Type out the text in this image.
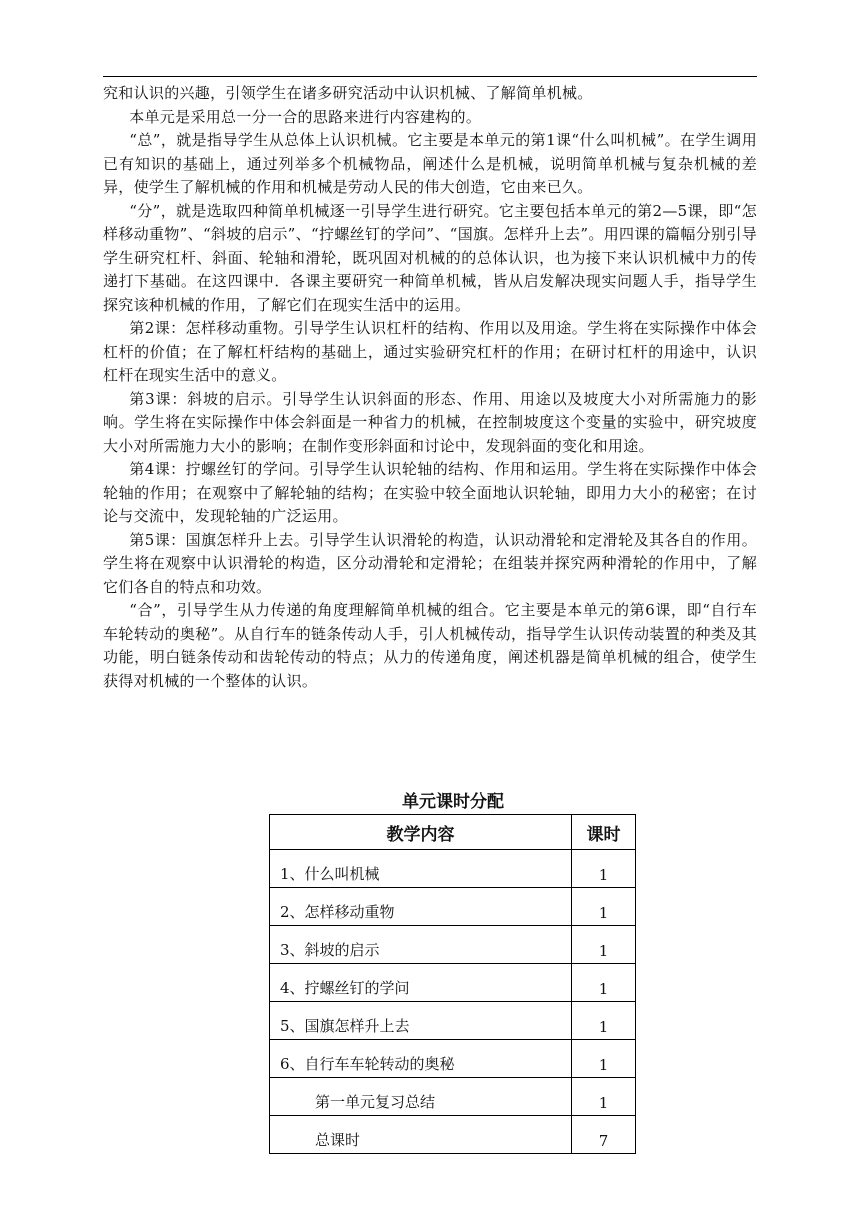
究和认识的兴趣，引领学生在诸多研究活动中认识机械、了解简单机械。

本单元是采用总一分一合的思路来进行内容建构的。

“总”，就是指导学生从总体上认识机械。它主要是本单元的第1课“什么叫机械”。在学生调用已有知识的基础上，通过列举多个机械物品，阐述什么是机械，说明简单机械与复杂机械的差异，使学生了解机械的作用和机械是劳动人民的伟大创造，它由来已久。

“分”，就是选取四种简单机械逐一引导学生进行研究。它主要包括本单元的第2—5课，即“怎样移动重物”、“斜坡的启示”、“拧螺丝钉的学问”、“国旗。怎样升上去”。用四课的篇幅分别引导学生研究杠杆、斜面、轮轴和滑轮，既巩固对机械的的总体认识，也为接下来认识机械中力的传递打下基础。在这四课中．各课主要研究一种简单机械，皆从启发解决现实问题人手，指导学生探究该种机械的作用，了解它们在现实生活中的运用。

第2课：怎样移动重物。引导学生认识杠杆的结构、作用以及用途。学生将在实际操作中体会杠杆的价值；在了解杠杆结构的基础上，通过实验研究杠杆的作用；在研讨杠杆的用途中，认识杠杆在现实生活中的意义。

第3课：斜坡的启示。引导学生认识斜面的形态、作用、用途以及坡度大小对所需施力的影响。学生将在实际操作中体会斜面是一种省力的机械，在控制坡度这个变量的实验中，研究坡度大小对所需施力大小的影响；在制作变形斜面和讨论中，发现斜面的变化和用途。

第4课：拧螺丝钉的学问。引导学生认识轮轴的结构、作用和运用。学生将在实际操作中体会轮轴的作用；在观察中了解轮轴的结构；在实验中较全面地认识轮轴，即用力大小的秘密；在讨论与交流中，发现轮轴的广泛运用。

第5课：国旗怎样升上去。引导学生认识滑轮的构造，认识动滑轮和定滑轮及其各自的作用。学生将在观察中认识滑轮的构造，区分动滑轮和定滑轮；在组装并探究两种滑轮的作用中，了解它们各自的特点和功效。

“合”，引导学生从力传递的角度理解简单机械的组合。它主要是本单元的第6课，即“自行车车轮转动的奥秘”。从自行车的链条传动人手，引人机械传动，指导学生认识传动装置的种类及其功能，明白链条传动和齿轮传动的特点；从力的传递角度，阐述机器是简单机械的组合，使学生获得对机械的一个整体的认识。

单元课时分配
教学内容	课时
1、什么叫机械	1
2、怎样移动重物	1
3、斜坡的启示	1
4、拧螺丝钉的学问	1
5、国旗怎样升上去	1
6、自行车车轮转动的奥秘	1
第一单元复习总结	1
总课时	7
